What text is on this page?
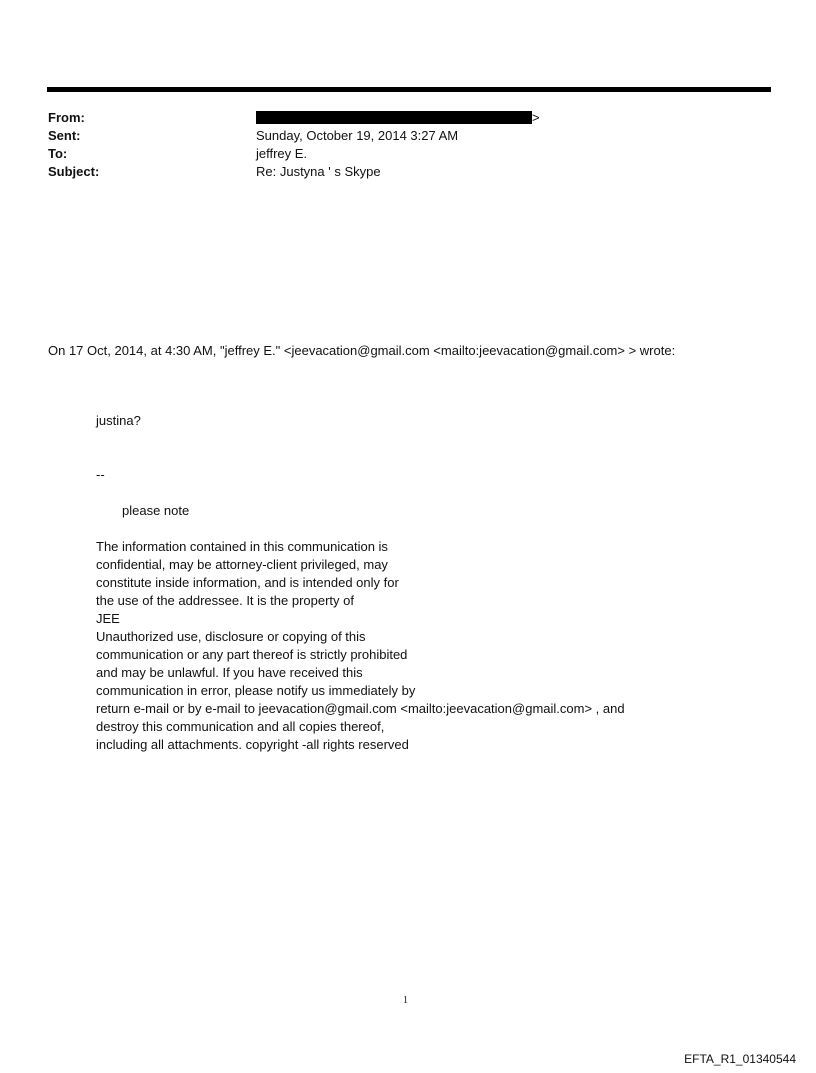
From:	>
Sent:	Sunday, October 19, 2014 3:27 AM
To:	jeffrey E.
Subject:	Re: Justyna ' s Skype
On 17 Oct, 2014, at 4:30 AM, "jeffrey E." <jeevacation@gmail.com <mailto:jeevacation@gmail.com> > wrote:
justina?
--
please note
The information contained in this communication is
confidential, may be attorney-client privileged, may
constitute inside information, and is intended only for
the use of the addressee. It is the property of
JEE
Unauthorized use, disclosure or copying of this
communication or any part thereof is strictly prohibited
and may be unlawful. If you have received this
communication in error, please notify us immediately by
return e-mail or by e-mail to jeevacation@gmail.com <mailto:jeevacation@gmail.com> , and
destroy this communication and all copies thereof,
including all attachments. copyright -all rights reserved
1
EFTA_R1_01340544
